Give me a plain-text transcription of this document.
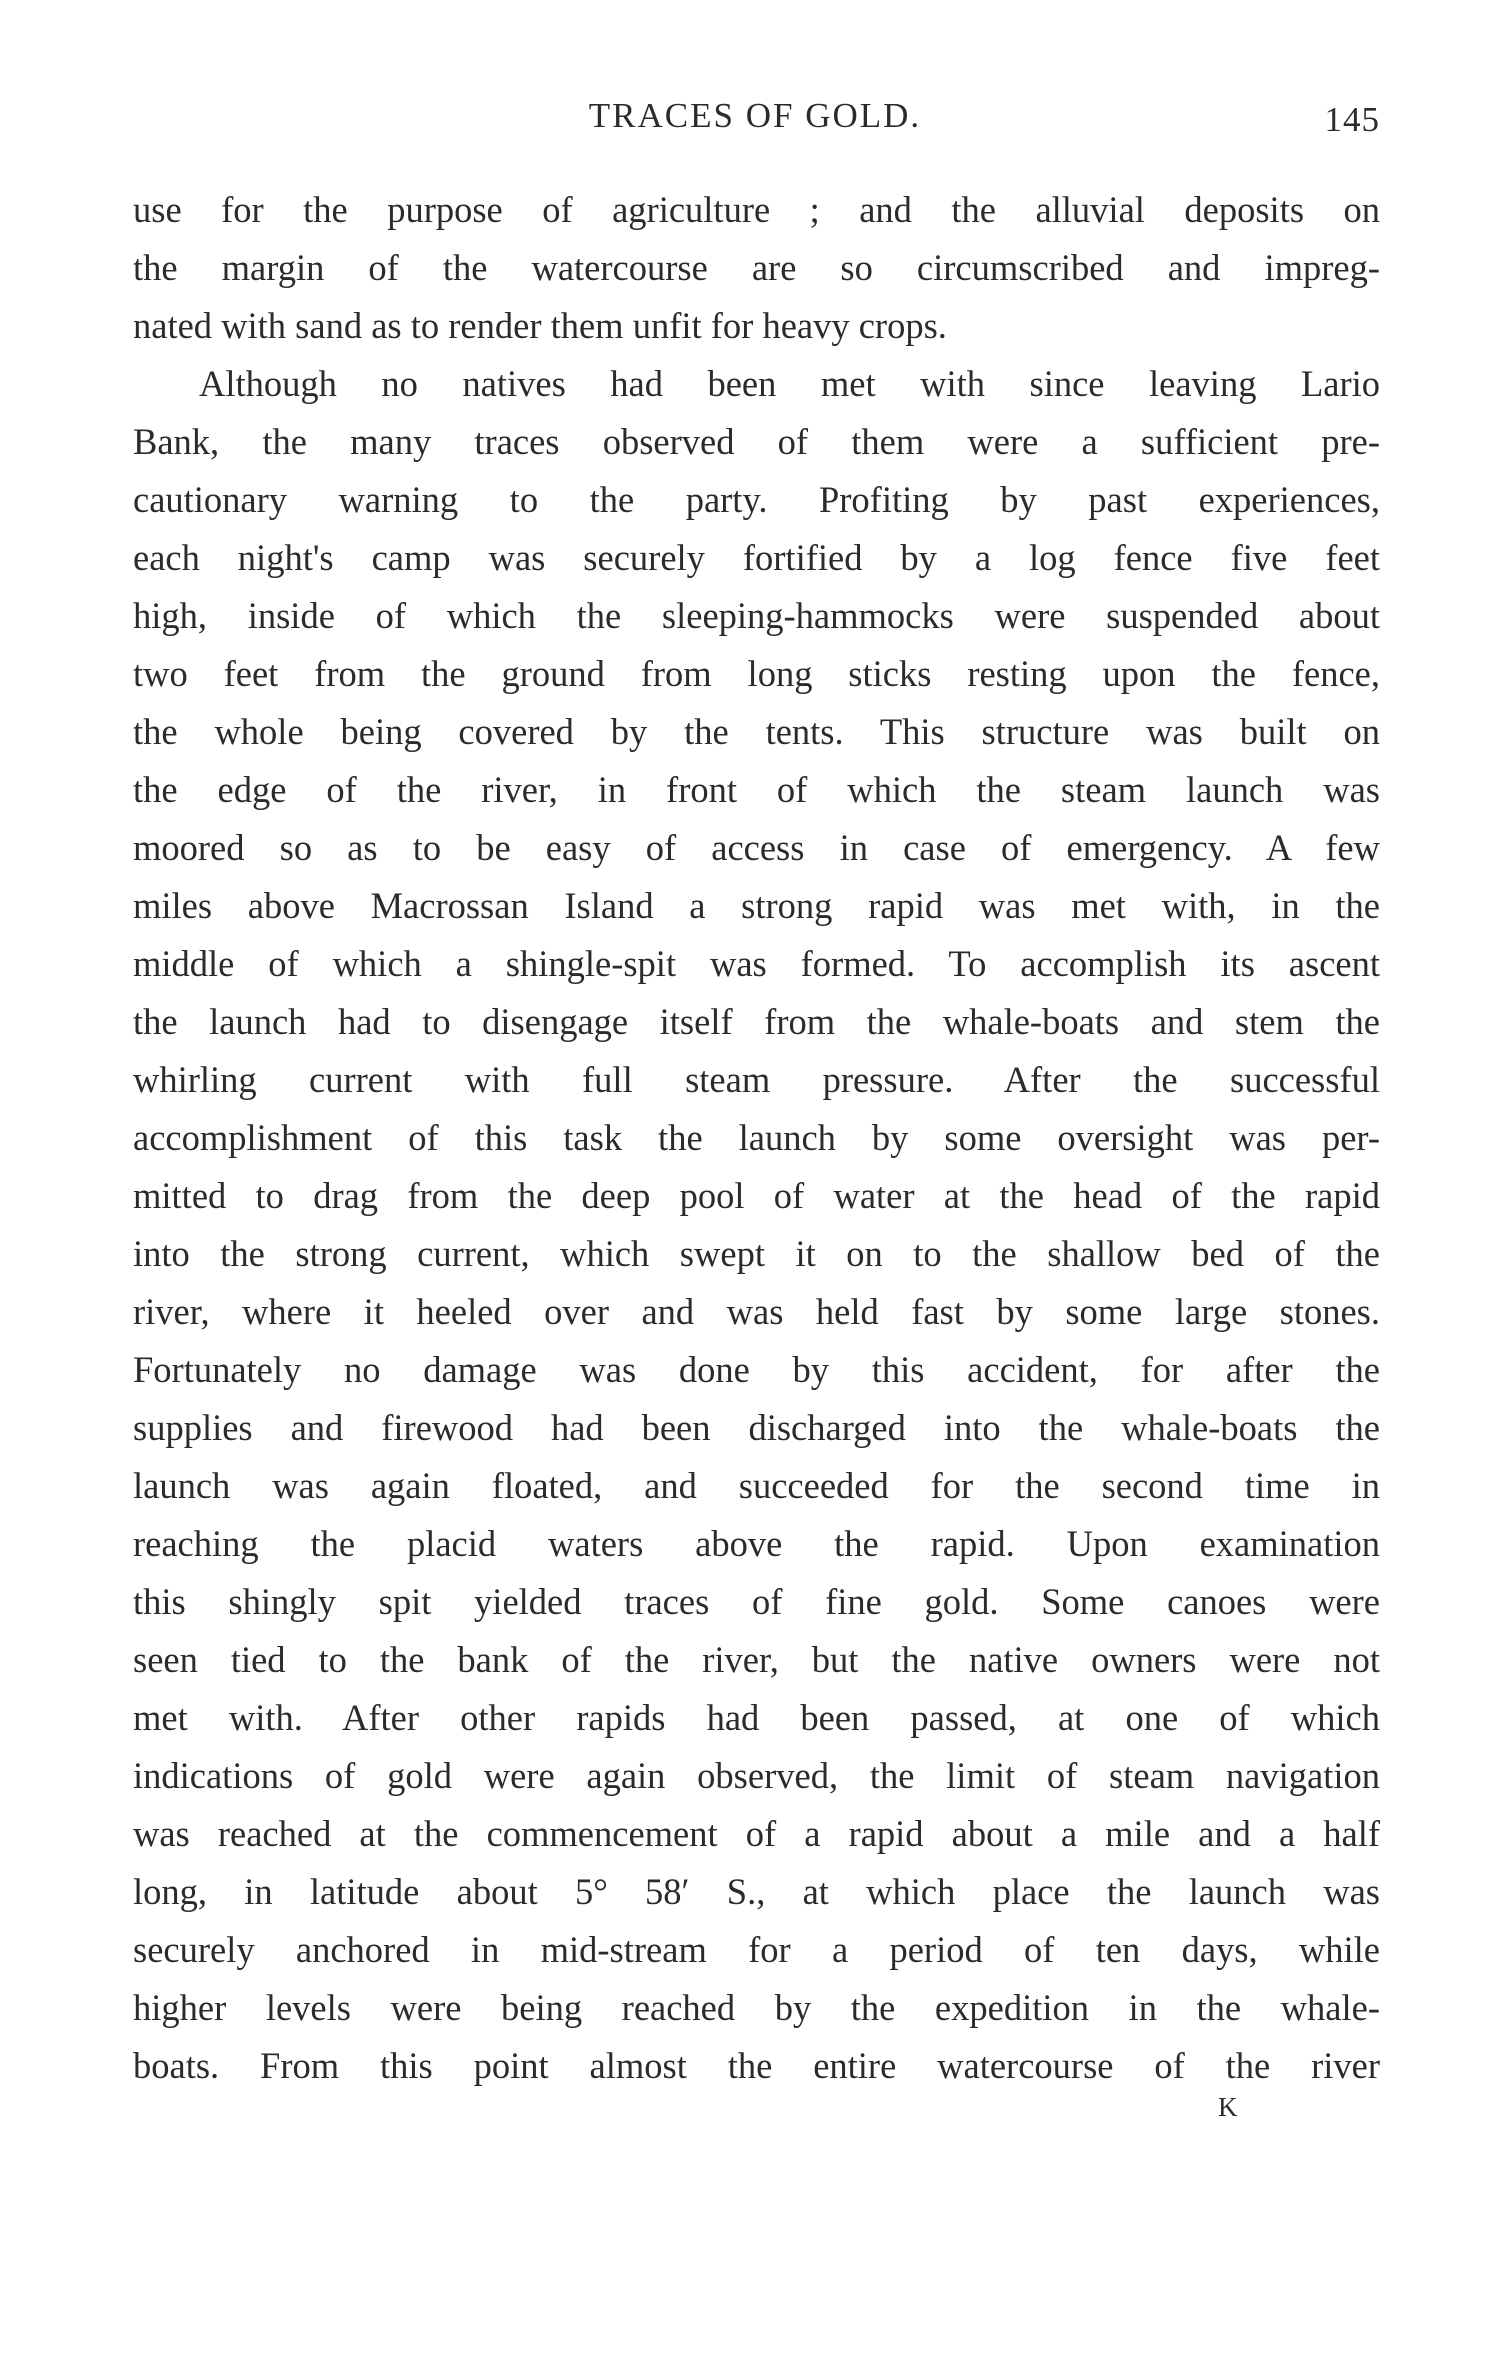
TRACES OF GOLD.	145
use for the purpose of agriculture ; and the alluvial deposits on
the margin of the watercourse are so circumscribed and impreg-
nated with sand as to render them unfit for heavy crops.
Although no natives had been met with since leaving Lario
Bank, the many traces observed of them were a sufficient pre-
cautionary warning to the party. Profiting by past experiences,
each night's camp was securely fortified by a log fence five feet
high, inside of which the sleeping-hammocks were suspended about
two feet from the ground from long sticks resting upon the fence,
the whole being covered by the tents. This structure was built on
the edge of the river, in front of which the steam launch was
moored so as to be easy of access in case of emergency. A few
miles above Macrossan Island a strong rapid was met with, in the
middle of which a shingle-spit was formed. To accomplish its ascent
the launch had to disengage itself from the whale-boats and stem the
whirling current with full steam pressure. After the successful
accomplishment of this task the launch by some oversight was per-
mitted to drag from the deep pool of water at the head of the rapid
into the strong current, which swept it on to the shallow bed of the
river, where it heeled over and was held fast by some large stones.
Fortunately no damage was done by this accident, for after the
supplies and firewood had been discharged into the whale-boats the
launch was again floated, and succeeded for the second time in
reaching the placid waters above the rapid. Upon examination
this shingly spit yielded traces of fine gold. Some canoes were
seen tied to the bank of the river, but the native owners were not
met with. After other rapids had been passed, at one of which
indications of gold were again observed, the limit of steam navigation
was reached at the commencement of a rapid about a mile and a half
long, in latitude about 5° 58′ S., at which place the launch was
securely anchored in mid-stream for a period of ten days, while
higher levels were being reached by the expedition in the whale-
boats. From this point almost the entire watercourse of the river
K
